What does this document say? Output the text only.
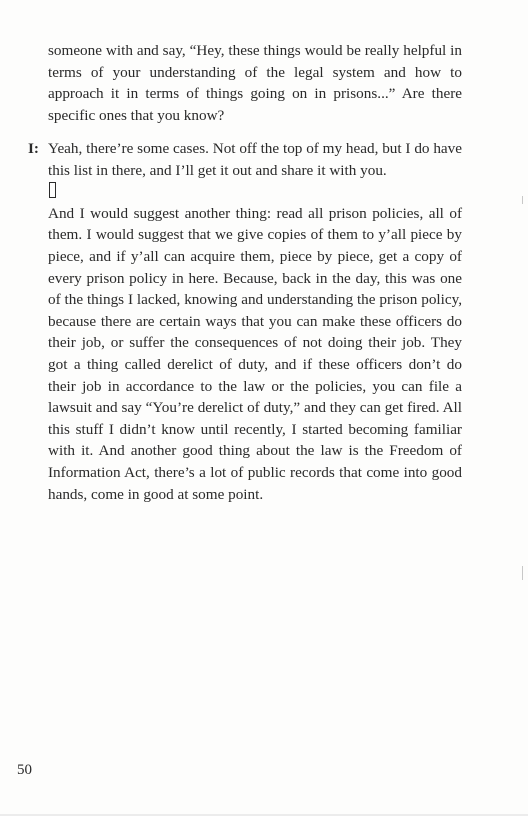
someone with and say, “Hey, these things would be really helpful in terms of your understanding of the legal system and how to approach it in terms of things going on in prisons...” Are there specific ones that you know?
I: Yeah, there’re some cases. Not off the top of my head, but I do have this list in there, and I’ll get it out and share it with you.

And I would suggest another thing: read all prison policies, all of them. I would suggest that we give copies of them to y’all piece by piece, and if y’all can acquire them, piece by piece, get a copy of every prison policy in here. Because, back in the day, this was one of the things I lacked, knowing and understanding the prison policy, because there are certain ways that you can make these officers do their job, or suffer the consequences of not doing their job. They got a thing called derelict of duty, and if these officers don’t do their job in accordance to the law or the policies, you can file a lawsuit and say “You’re derelict of duty,” and they can get fired. All this stuff I didn’t know until recently, I started becoming familiar with it. And another good thing about the law is the Freedom of Information Act, there’s a lot of public records that come into good hands, come in good at some point.

50
